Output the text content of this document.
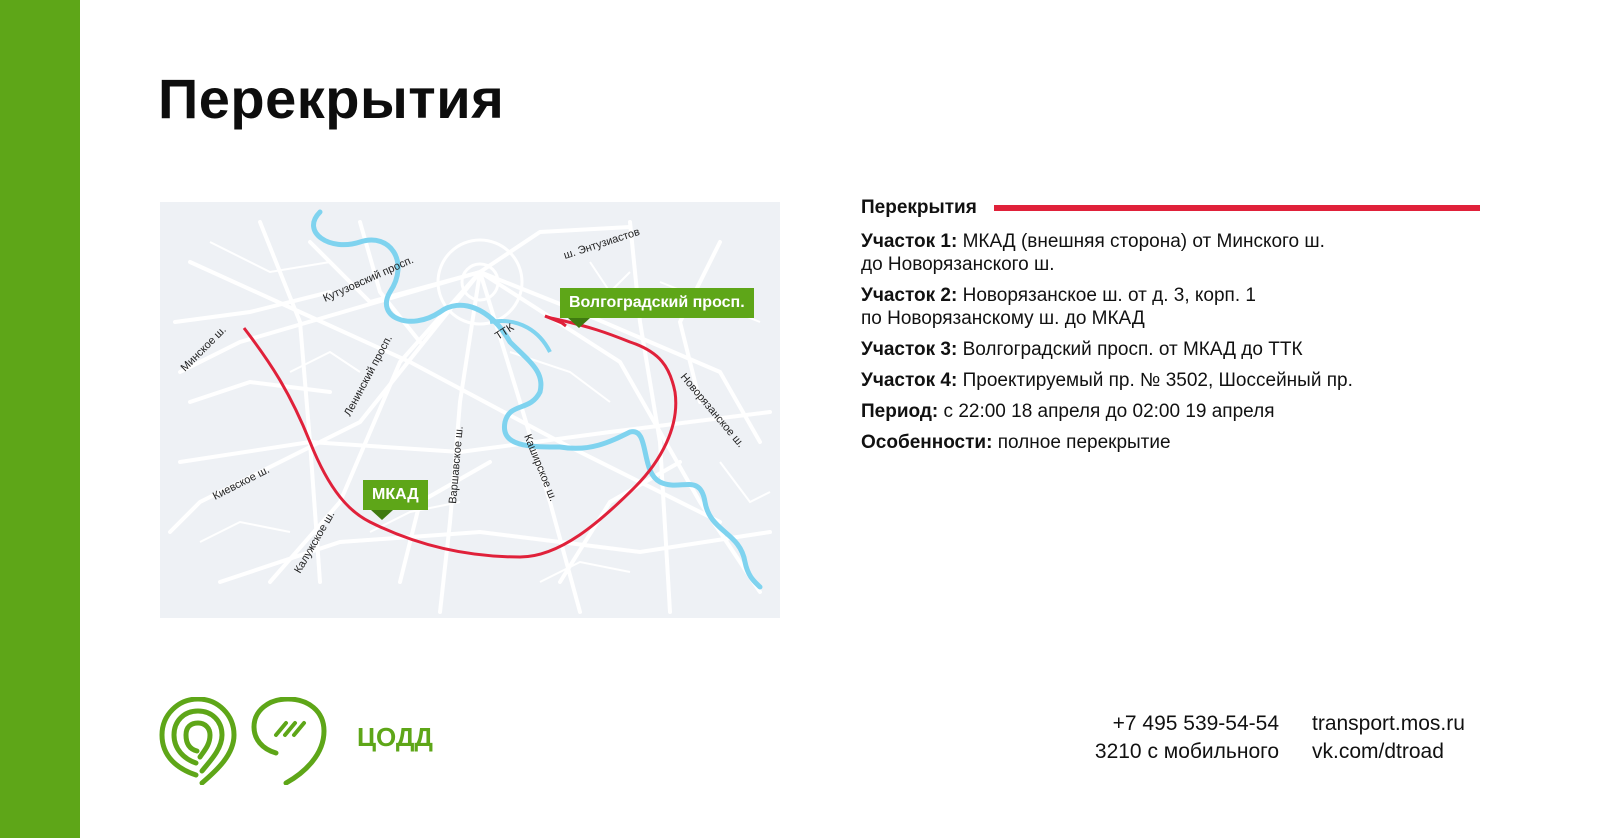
Перекрытия
Минское ш.
Кутузовский просп.
ш. Энтузиастов
ТТК
Ленинский просп.	Новорязанское ш.
Киевское ш.	Варшавское ш.	Каширское ш.
Калужское ш.
Волгоградский просп.
МКАД
Перекрытия
Участок 1: МКАД (внешняя сторона) от Минского ш.
до Новорязанского ш.
Участок 2: Новорязанское ш. от д. 3, корп. 1
по Новорязанскому ш. до МКАД
Участок 3: Волгоградский просп. от МКАД до ТТК
Участок 4: Проектируемый пр. № 3502, Шоссейный пр.
Период: с 22:00 18 апреля до 02:00 19 апреля
Особенности: полное перекрытие
ЦОДД	+7 495 539-54-54
3210 с мобильного
transport.mos.ru
vk.com/dtroad
